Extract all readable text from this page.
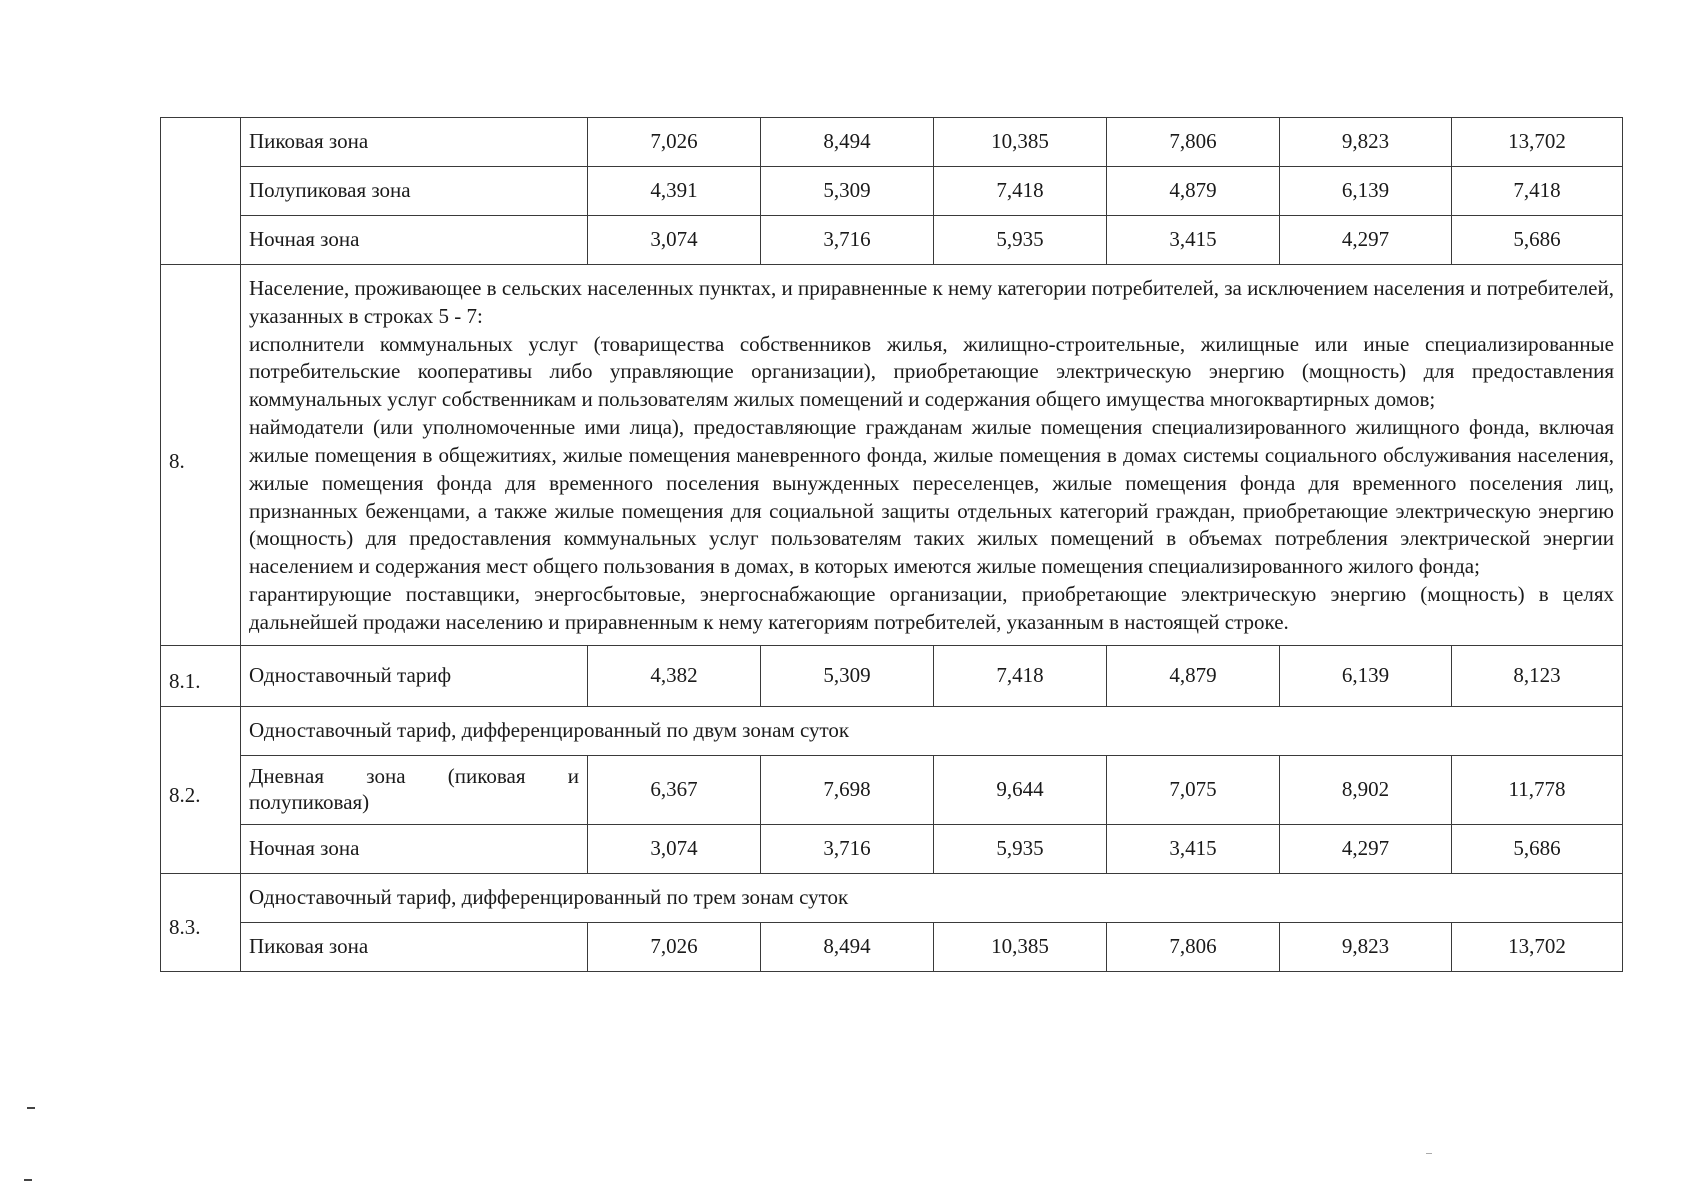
	Пиковая зона	7,026	8,494	10,385	7,806	9,823	13,702
	Полупиковая зона	4,391	5,309	7,418	4,879	6,139	7,418
	Ночная зона	3,074	3,716	5,935	3,415	4,297	5,686
8.	Население, проживающее в сельских населенных пунктах, и приравненные к нему категории потребителей, за исключением населения и потребителей, указанных в строках 5 - 7:

исполнители коммунальных услуг (товарищества собственников жилья, жилищно-строительные, жилищные или иные специализированные потребительские кооперативы либо управляющие организации), приобретающие электрическую энергию (мощность) для предоставления коммунальных услуг собственникам и пользователям жилых помещений и содержания общего имущества многоквартирных домов;

наймодатели (или уполномоченные ими лица), предоставляющие гражданам жилые помещения специализированного жилищного фонда, включая жилые помещения в общежитиях, жилые помещения маневренного фонда, жилые помещения в домах системы социального обслуживания населения, жилые помещения фонда для временного поселения вынужденных переселенцев, жилые помещения фонда для временного поселения лиц, признанных беженцами, а также жилые помещения для социальной защиты отдельных категорий граждан, приобретающие электрическую энергию (мощность) для предоставления коммунальных услуг пользователям таких жилых помещений в объемах потребления электрической энергии населением и содержания мест общего пользования в домах, в которых имеются жилые помещения специализированного жилого фонда;

гарантирующие поставщики, энергосбытовые, энергоснабжающие организации, приобретающие электрическую энергию (мощность) в целях дальнейшей продажи населению и приравненным к нему категориям потребителей, указанным в настоящей строке.						

8.1.	Одноставочный тариф	4,382	5,309	7,418	4,879	6,139	8,123
8.2.	Одноставочный тариф, дифференцированный по двум зонам суток						
	Дневная зона (пиковая и полупиковая)	6,367	7,698	9,644	7,075	8,902	11,778
	Ночная зона	3,074	3,716	5,935	3,415	4,297	5,686
8.3.	Одноставочный тариф, дифференцированный по трем зонам суток						
	Пиковая зона	7,026	8,494	10,385	7,806	9,823	13,702
